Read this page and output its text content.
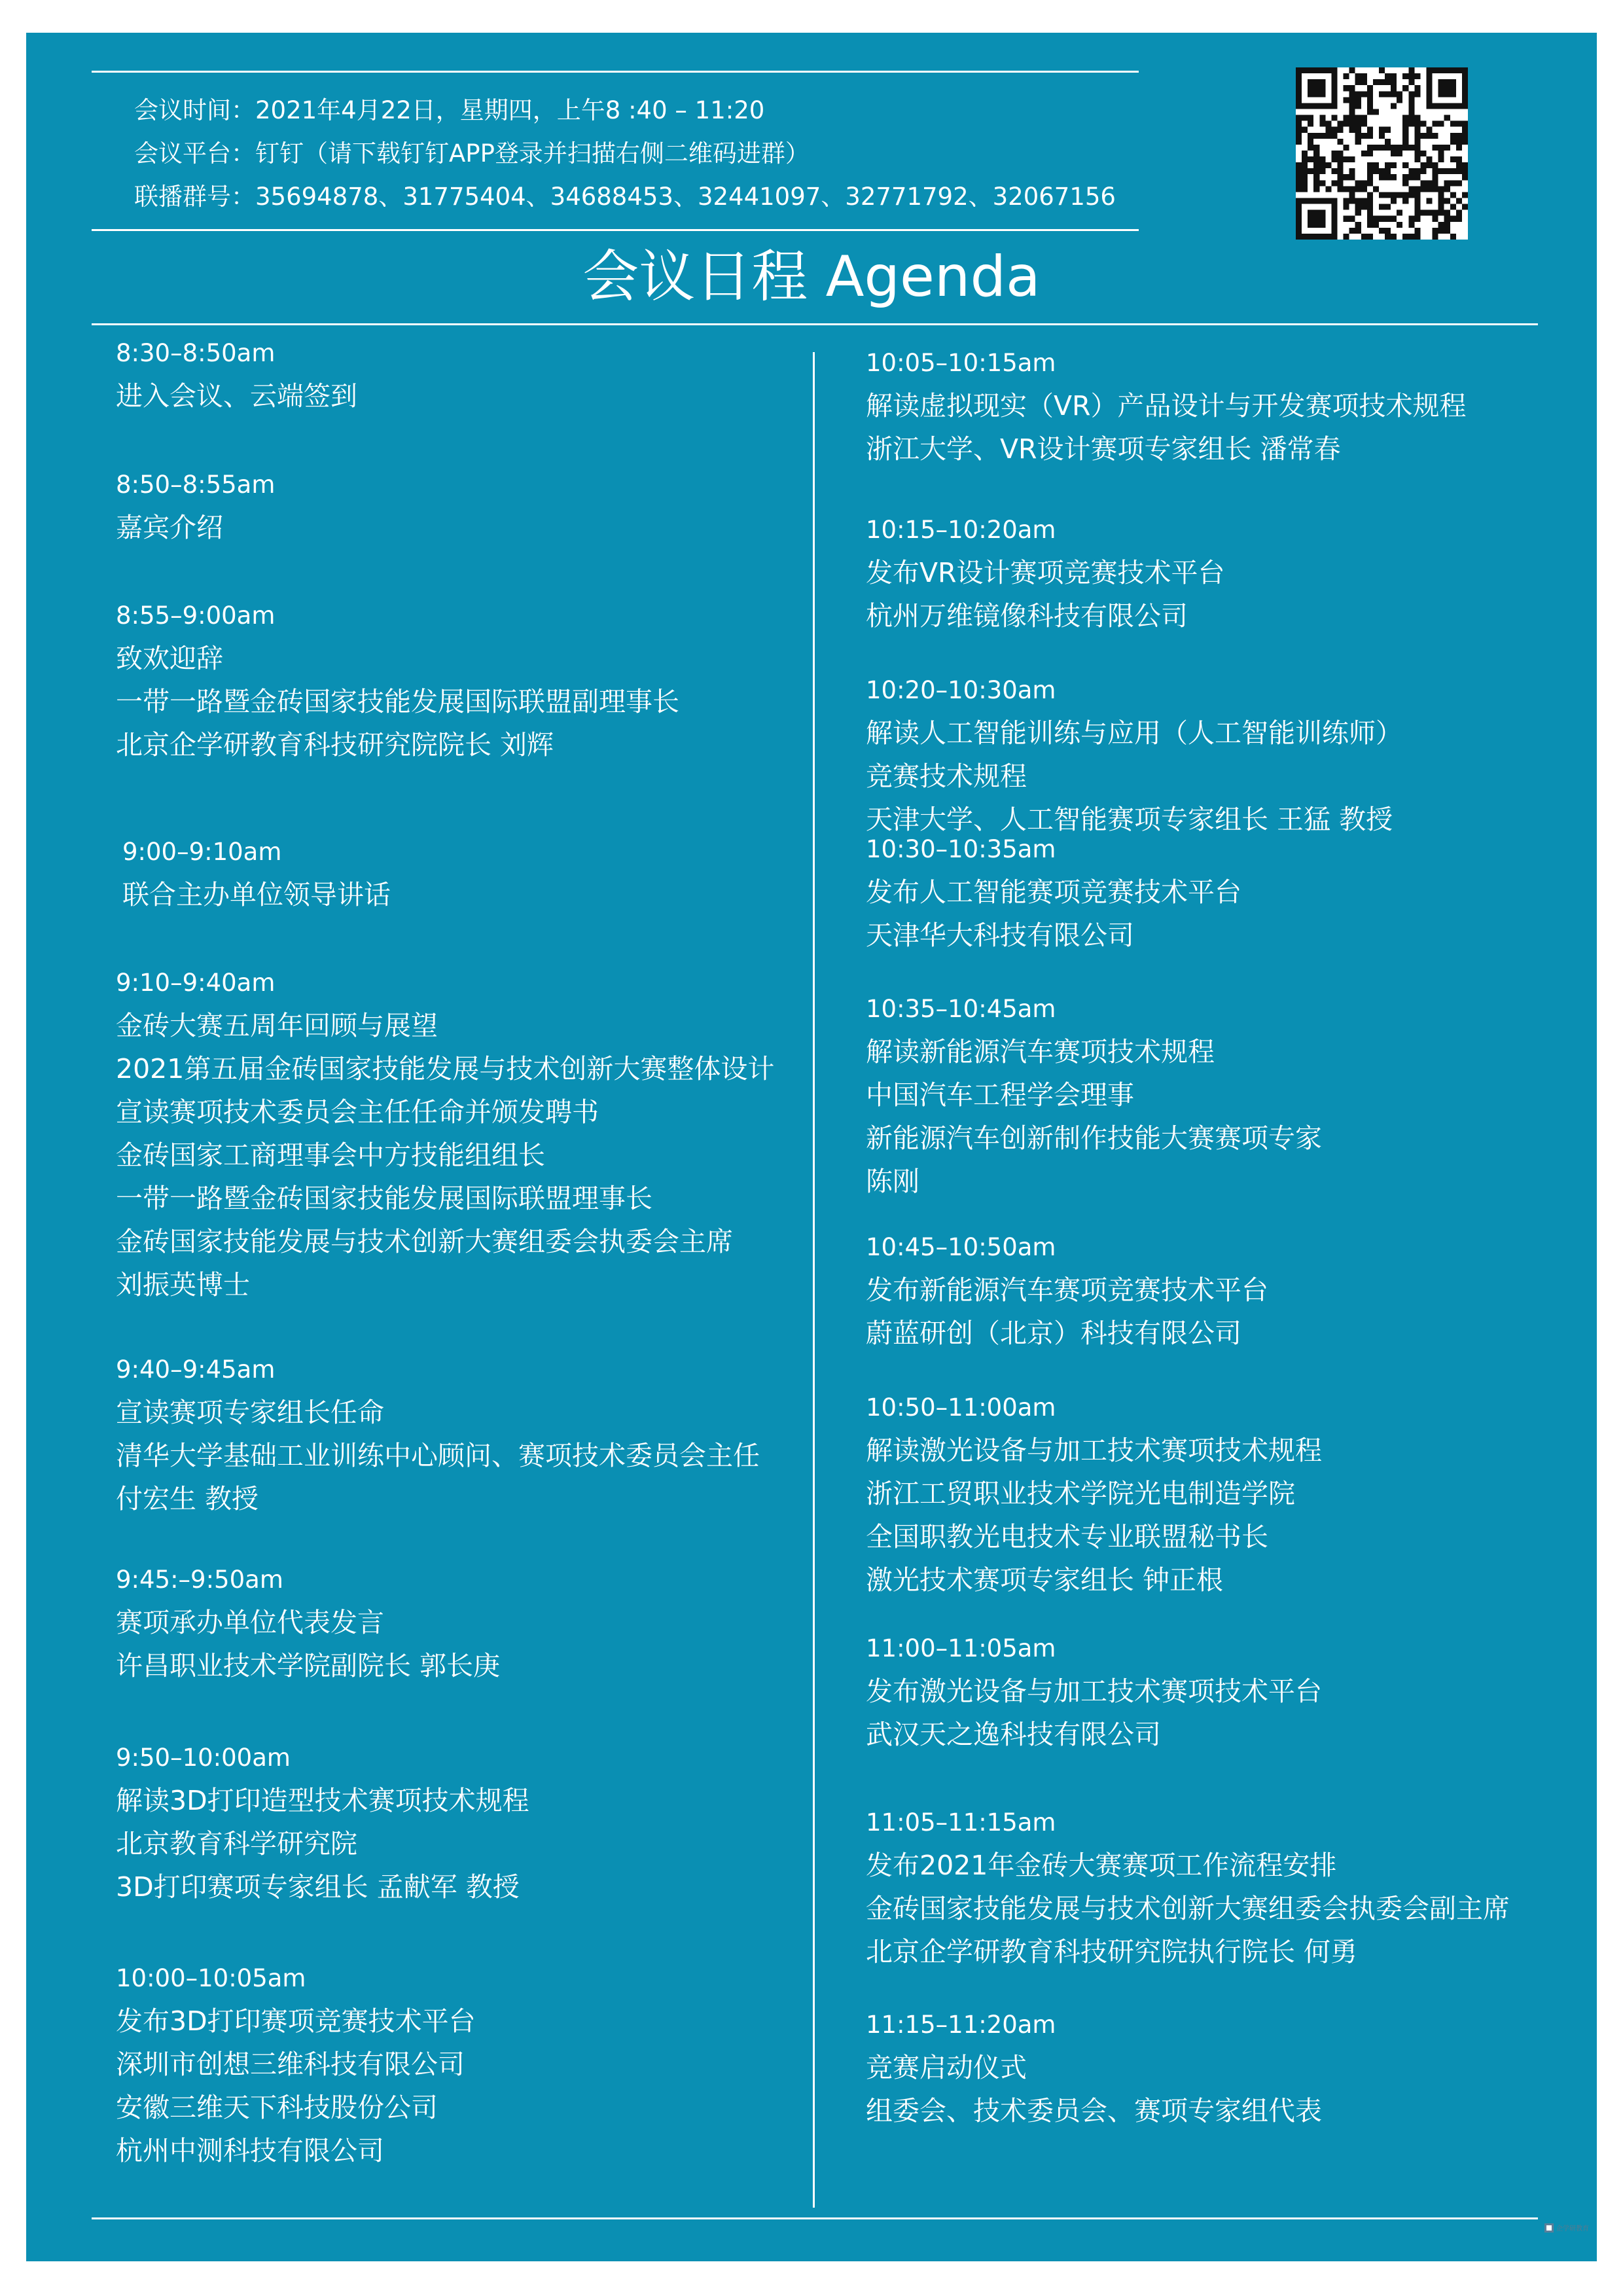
会议时间：2021年4月22日，星期四，上午8 :40 – 11:20
会议平台：钉钉（请下载钉钉APP登录并扫描右侧二维码进群）
联播群号：35694878、31775404、34688453、32441097、32771792、32067156
会议日程 Agenda
8:30–8:50am
进入会议、云端签到
8:50–8:55am
嘉宾介绍
8:55–9:00am
致欢迎辞
一带一路暨金砖国家技能发展国际联盟副理事长
北京企学研教育科技研究院院长 刘辉
9:00–9:10am
联合主办单位领导讲话
9:10–9:40am
金砖大赛五周年回顾与展望
2021第五届金砖国家技能发展与技术创新大赛整体设计
宣读赛项技术委员会主任任命并颁发聘书
金砖国家工商理事会中方技能组组长
一带一路暨金砖国家技能发展国际联盟理事长
金砖国家技能发展与技术创新大赛组委会执委会主席
刘振英博士
9:40–9:45am
宣读赛项专家组长任命
清华大学基础工业训练中心顾问、赛项技术委员会主任
付宏生 教授
9:45:–9:50am
赛项承办单位代表发言
许昌职业技术学院副院长 郭长庚
9:50–10:00am
解读3D打印造型技术赛项技术规程
北京教育科学研究院
3D打印赛项专家组长 孟献军 教授
10:00–10:05am
发布3D打印赛项竞赛技术平台
深圳市创想三维科技有限公司
安徽三维天下科技股份公司
杭州中测科技有限公司
10:05–10:15am
解读虚拟现实（VR）产品设计与开发赛项技术规程
浙江大学、VR设计赛项专家组长 潘常春
10:15–10:20am
发布VR设计赛项竞赛技术平台
杭州万维镜像科技有限公司
10:20–10:30am
解读人工智能训练与应用（人工智能训练师）
竞赛技术规程
天津大学、人工智能赛项专家组长 王猛 教授
10:30–10:35am
发布人工智能赛项竞赛技术平台
天津华大科技有限公司
10:35–10:45am
解读新能源汽车赛项技术规程
中国汽车工程学会理事
新能源汽车创新制作技能大赛赛项专家
陈刚
10:45–10:50am
发布新能源汽车赛项竞赛技术平台
蔚蓝研创（北京）科技有限公司
10:50–11:00am
解读激光设备与加工技术赛项技术规程
浙江工贸职业技术学院光电制造学院
全国职教光电技术专业联盟秘书长
激光技术赛项专家组长 钟正根
11:00–11:05am
发布激光设备与加工技术赛项技术平台
武汉天之逸科技有限公司
11:05–11:15am
发布2021年金砖大赛赛项工作流程安排
金砖国家技能发展与技术创新大赛组委会执委会副主席
北京企学研教育科技研究院执行院长 何勇
11:15–11:20am
竞赛启动仪式
组委会、技术委员会、赛项专家组代表
企学研教育
